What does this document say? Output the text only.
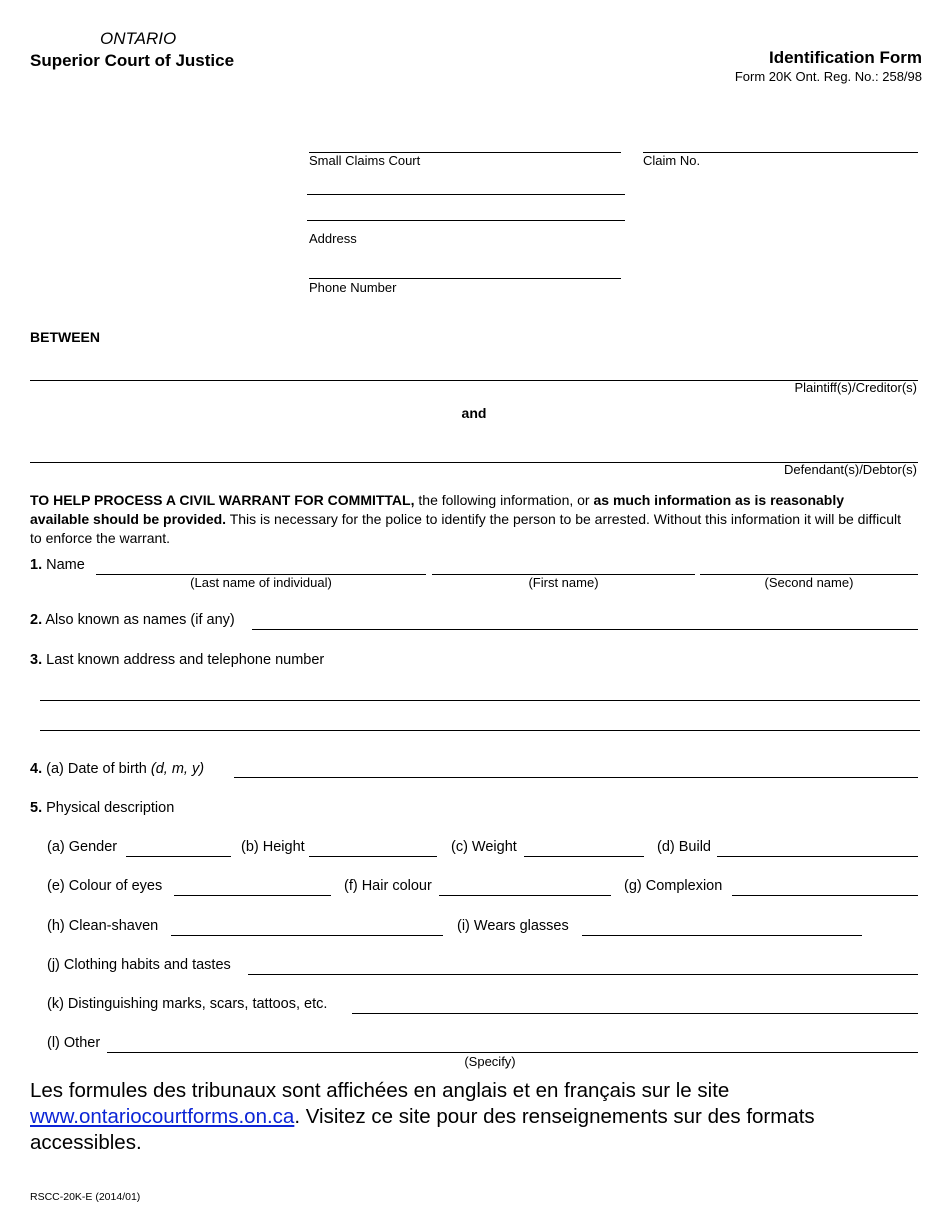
ONTARIO
Superior Court of Justice	Identification Form
Form 20K Ont. Reg. No.: 258/98
Small Claims Court	Claim No.
Address
Phone Number
BETWEEN
Plaintiff(s)/Creditor(s)
and
Defendant(s)/Debtor(s)
TO HELP PROCESS A CIVIL WARRANT FOR COMMITTAL, the following information, or as much information as is reasonably available should be provided. This is necessary for the police to identify the person to be arrested. Without this information it will be difficult to enforce the warrant.
1. Name
(Last name of individual)	(First name)	(Second name)
2. Also known as names (if any)
3. Last known address and telephone number
4. (a) Date of birth (d, m, y)
5. Physical description
(a) Gender	(b) Height	(c) Weight	(d) Build
(e) Colour of eyes	(f) Hair colour	(g) Complexion
(h) Clean-shaven	(i) Wears glasses
(j) Clothing habits and tastes
(k) Distinguishing marks, scars, tattoos, etc.
(l) Other
(Specify)
Les formules des tribunaux sont affichées en anglais et en français sur le site
www.ontariocourtforms.on.ca. Visitez ce site pour des renseignements sur des formats accessibles.
RSCC-20K-E (2014/01)
